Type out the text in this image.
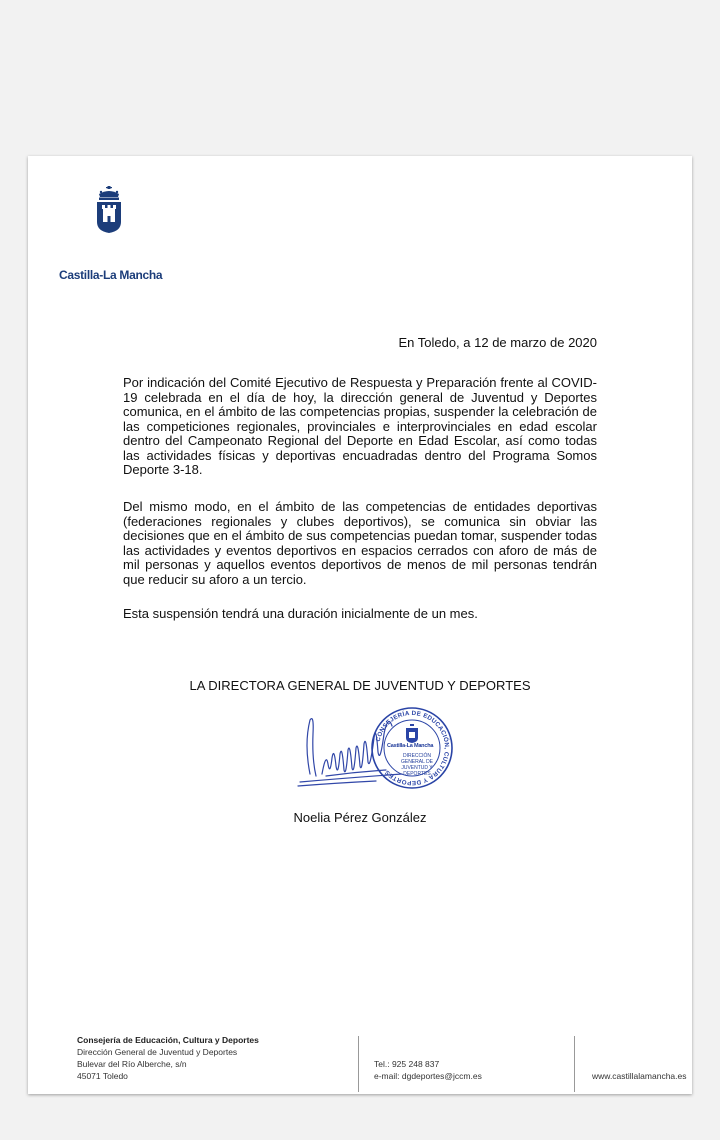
Castilla-La Mancha
En Toledo, a 12 de marzo de 2020

Por indicación del Comité Ejecutivo de Respuesta y Preparación frente al COVID-19 celebrada en el día de hoy, la dirección general de Juventud y Deportes comunica, en el ámbito de las competencias propias, suspender la celebración de las competiciones regionales, provinciales e interprovinciales en edad escolar dentro del Campeonato Regional del Deporte en Edad Escolar, así como todas las actividades físicas y deportivas encuadradas dentro del Programa Somos Deporte 3-18.

Del mismo modo, en el ámbito de las competencias de entidades deportivas (federaciones regionales y clubes deportivos), se comunica sin obviar las decisiones que en el ámbito de sus competencias puedan tomar, suspender todas las actividades y eventos deportivos en espacios cerrados con aforo de más de mil personas y aquellos eventos deportivos de menos de mil personas tendrán que reducir su aforo a un tercio.

Esta suspensión tendrá una duración inicialmente de un mes.

LA DIRECTORA GENERAL DE JUVENTUD Y DEPORTES
CONSEJERÍA DE EDUCACIÓN, CULTURA Y DEPORTES
Castilla-La Mancha
DIRECCIÓN
GENERAL DE
JUVENTUD Y
DEPORTES
Noelia Pérez González
Consejería de Educación, Cultura y Deportes
Dirección General de Juventud y Deportes
Bulevar del Río Alberche, s/n
45071 Toledo
Tel.: 925 248 837
e-mail: dgdeportes@jccm.es	www.castillalamancha.es
